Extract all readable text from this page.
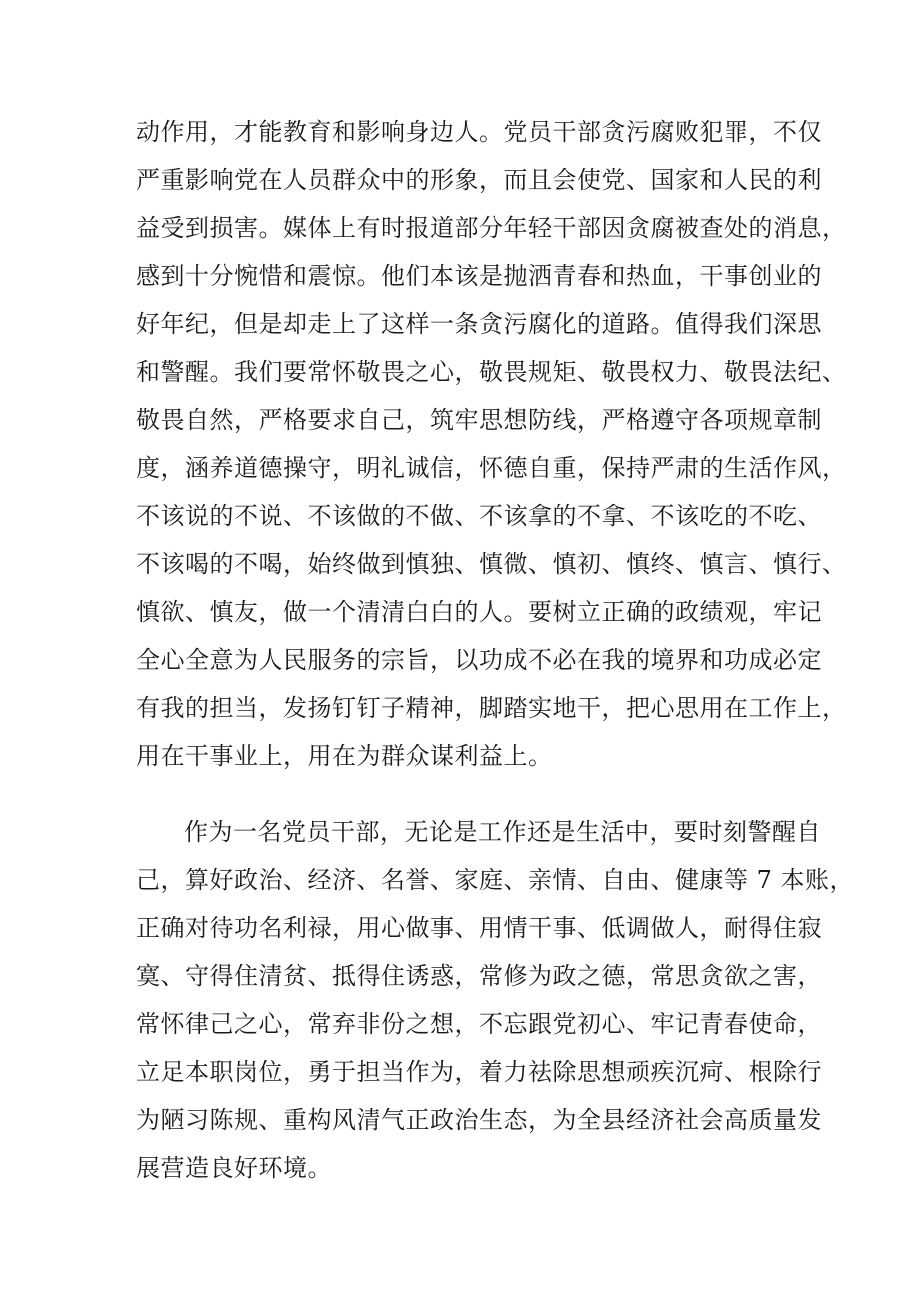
动作用，才能教育和影响身边人。党员干部贪污腐败犯罪，不仅
严重影响党在人员群众中的形象，而且会使党、国家和人民的利
益受到损害。媒体上有时报道部分年轻干部因贪腐被查处的消息，
感到十分惋惜和震惊。他们本该是抛洒青春和热血，干事创业的
好年纪，但是却走上了这样一条贪污腐化的道路。值得我们深思
和警醒。我们要常怀敬畏之心，敬畏规矩、敬畏权力、敬畏法纪、
敬畏自然，严格要求自己，筑牢思想防线，严格遵守各项规章制
度，涵养道德操守，明礼诚信，怀德自重，保持严肃的生活作风，
不该说的不说、不该做的不做、不该拿的不拿、不该吃的不吃、
不该喝的不喝，始终做到慎独、慎微、慎初、慎终、慎言、慎行、
慎欲、慎友，做一个清清白白的人。要树立正确的政绩观，牢记
全心全意为人民服务的宗旨，以功成不必在我的境界和功成必定
有我的担当，发扬钉钉子精神，脚踏实地干，把心思用在工作上，
用在干事业上，用在为群众谋利益上。
作为一名党员干部，无论是工作还是生活中，要时刻警醒自
己，算好政治、经济、名誉、家庭、亲情、自由、健康等 7 本账，
正确对待功名利禄，用心做事、用情干事、低调做人，耐得住寂
寞、守得住清贫、抵得住诱惑，常修为政之德，常思贪欲之害，
常怀律己之心，常弃非份之想，不忘跟党初心、牢记青春使命，
立足本职岗位，勇于担当作为，着力祛除思想顽疾沉疴、根除行
为陋习陈规、重构风清气正政治生态，为全县经济社会高质量发
展营造良好环境。
